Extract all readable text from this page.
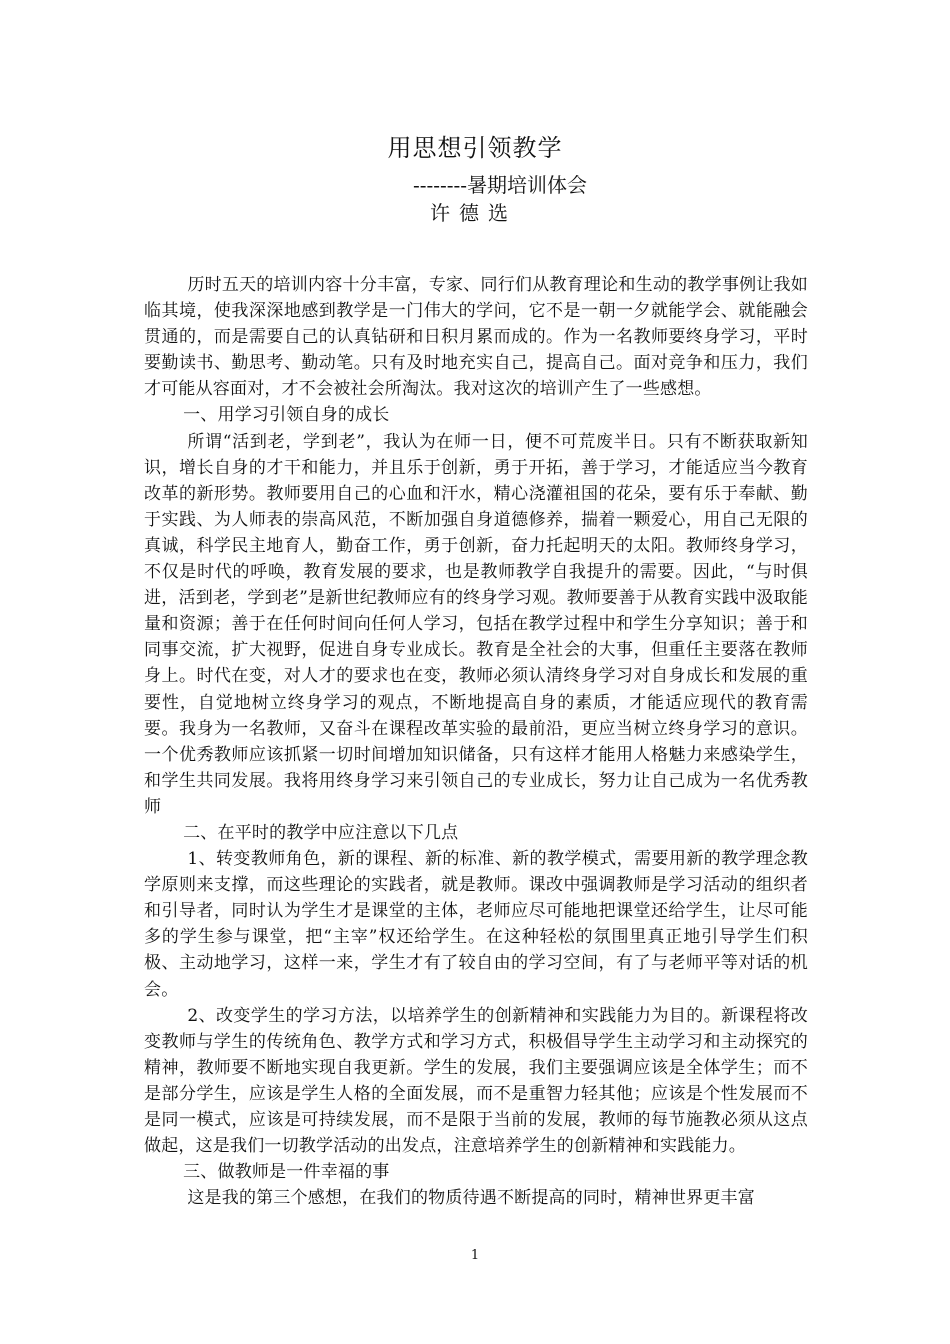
用思想引领教学
--------暑期培训体会
许德选

历时五天的培训内容十分丰富，专家、同行们从教育理论和生动的教学事例让我如临其境，使我深深地感到教学是一门伟大的学问，它不是一朝一夕就能学会、就能融会贯通的，而是需要自己的认真钻研和日积月累而成的。作为一名教师要终身学习，平时要勤读书、勤思考、勤动笔。只有及时地充实自己，提高自己。面对竞争和压力，我们才可能从容面对，才不会被社会所淘汰。我对这次的培训产生了一些感想。

一、用学习引领自身的成长

所谓“活到老，学到老”，我认为在师一日，便不可荒废半日。只有不断获取新知识，增长自身的才干和能力，并且乐于创新，勇于开拓，善于学习，才能适应当今教育改革的新形势。教师要用自己的心血和汗水，精心浇灌祖国的花朵，要有乐于奉献、勤于实践、为人师表的崇高风范，不断加强自身道德修养，揣着一颗爱心，用自己无限的真诚，科学民主地育人，勤奋工作，勇于创新，奋力托起明天的太阳。教师终身学习，不仅是时代的呼唤，教育发展的要求，也是教师教学自我提升的需要。因此，“与时俱进，活到老，学到老”是新世纪教师应有的终身学习观。教师要善于从教育实践中汲取能量和资源；善于在任何时间向任何人学习，包括在教学过程中和学生分享知识；善于和同事交流，扩大视野，促进自身专业成长。教育是全社会的大事，但重任主要落在教师身上。时代在变，对人才的要求也在变，教师必须认清终身学习对自身成长和发展的重要性，自觉地树立终身学习的观点，不断地提高自身的素质，才能适应现代的教育需要。我身为一名教师，又奋斗在课程改革实验的最前沿，更应当树立终身学习的意识。一个优秀教师应该抓紧一切时间增加知识储备，只有这样才能用人格魅力来感染学生，和学生共同发展。我将用终身学习来引领自己的专业成长，努力让自己成为一名优秀教师

二、在平时的教学中应注意以下几点

1、转变教师角色，新的课程、新的标准、新的教学模式，需要用新的教学理念教学原则来支撑，而这些理论的实践者，就是教师。课改中强调教师是学习活动的组织者和引导者，同时认为学生才是课堂的主体，老师应尽可能地把课堂还给学生，让尽可能多的学生参与课堂，把“主宰”权还给学生。在这种轻松的氛围里真正地引导学生们积极、主动地学习，这样一来，学生才有了较自由的学习空间，有了与老师平等对话的机会。

2、改变学生的学习方法，以培养学生的创新精神和实践能力为目的。新课程将改变教师与学生的传统角色、教学方式和学习方式，积极倡导学生主动学习和主动探究的精神，教师要不断地实现自我更新。学生的发展，我们主要强调应该是全体学生；而不是部分学生，应该是学生人格的全面发展，而不是重智力轻其他；应该是个性发展而不是同一模式，应该是可持续发展，而不是限于当前的发展，教师的每节施教必须从这点做起，这是我们一切教学活动的出发点，注意培养学生的创新精神和实践能力。

三、做教师是一件幸福的事

这是我的第三个感想，在我们的物质待遇不断提高的同时，精神世界更丰富

1
